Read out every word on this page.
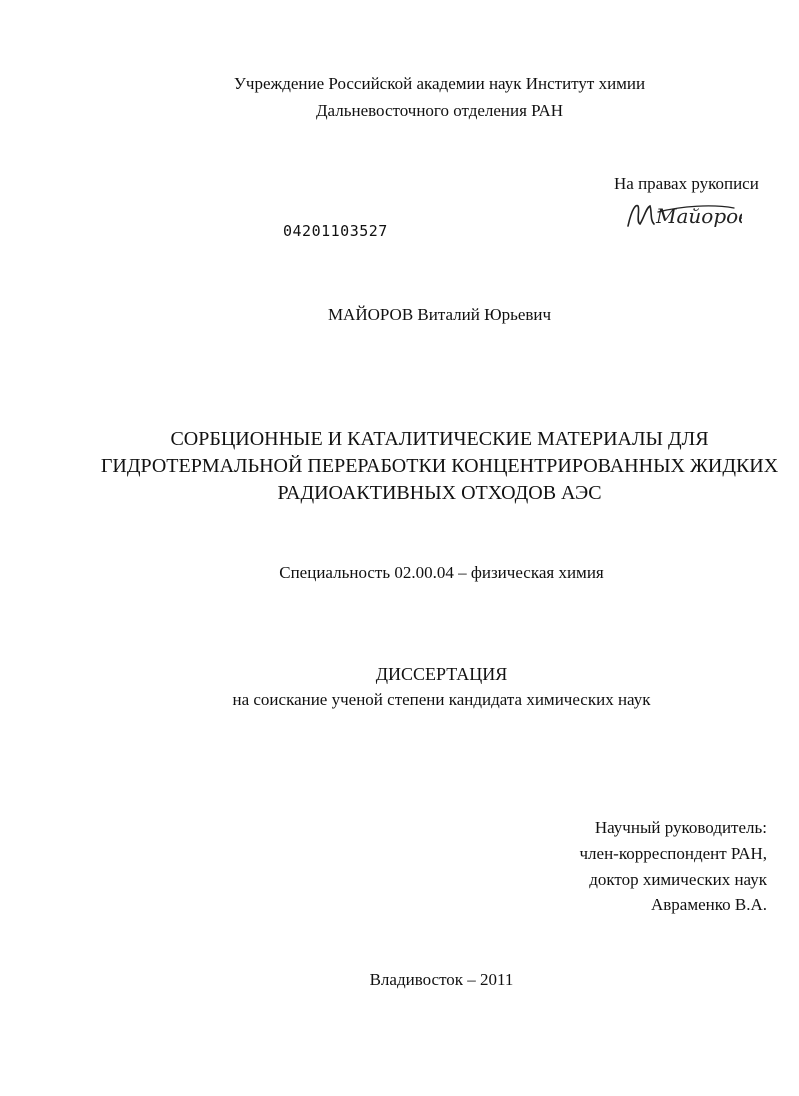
Учреждение Российской академии наук Институт химии
Дальневосточного отделения РАН
На правах рукописи
Майоров
04201103527
МАЙОРОВ Виталий Юрьевич
СОРБЦИОННЫЕ И КАТАЛИТИЧЕСКИЕ МАТЕРИАЛЫ ДЛЯ
ГИДРОТЕРМАЛЬНОЙ ПЕРЕРАБОТКИ КОНЦЕНТРИРОВАННЫХ ЖИДКИХ
РАДИОАКТИВНЫХ ОТХОДОВ АЭС
Специальность 02.00.04 – физическая химия
ДИССЕРТАЦИЯ
на соискание ученой степени кандидата химических наук
Научный руководитель:
член-корреспондент РАН,
доктор химических наук
Авраменко В.А.
Владивосток – 2011
